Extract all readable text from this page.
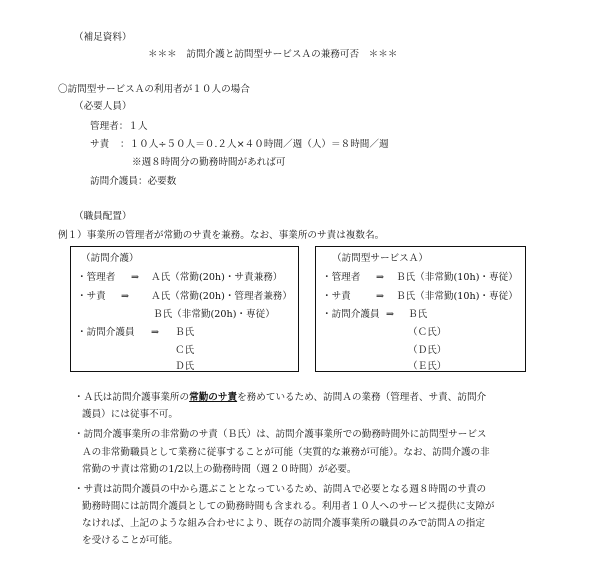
（補足資料）
＊＊＊　訪問介護と訪問型サービスＡの兼務可否　＊＊＊
〇訪問型サービスＡの利用者が１０人の場合
（必要人員）
管理者：１人
サ責 ：１０人÷５０人＝０.２人×４０時間／週（人）＝８時間／週
※週８時間分の勤務時間があれば可
訪問介護員：必要数
（職員配置）
例１）事業所の管理者が常勤のサ責を兼務。なお、事業所のサ責は複数名。
（訪問介護）
・管理者 ⇒ Ａ氏（常勤(20h)・サ責兼務）
・サ責 ⇒ Ａ氏（常勤(20h)・管理者兼務）
Ｂ氏（非常勤(20h)・専従）
・訪問介護員 ⇒ Ｂ氏
Ｃ氏
Ｄ氏
（訪問型サービスＡ）
・管理者 ⇒ Ｂ氏（非常勤(10h)・専従）
・サ責	⇒ Ｂ氏（非常勤(10h)・専従）
・訪問介護員 ⇒ Ｂ氏
（Ｃ氏）
（Ｄ氏）
（Ｅ氏）
・Ａ氏は訪問介護事業所の常勤のサ責を務めているため、訪問Ａの業務（管理者、サ責、訪問介
護員）には従事不可。
・訪問介護事業所の非常勤のサ責（Ｂ氏）は、訪問介護事業所での勤務時間外に訪問型サービス
Ａの非常勤職員として業務に従事することが可能（実質的な兼務が可能）。なお、訪問介護の非
常勤のサ責は常勤の1/2以上の勤務時間（週２０時間）が必要。
・サ責は訪問介護員の中から選ぶこととなっているため、訪問Ａで必要となる週８時間のサ責の
勤務時間には訪問介護員としての勤務時間も含まれる。利用者１０人へのサービス提供に支障が
なければ、上記のような組み合わせにより、既存の訪問介護事業所の職員のみで訪問Ａの指定
を受けることが可能。
